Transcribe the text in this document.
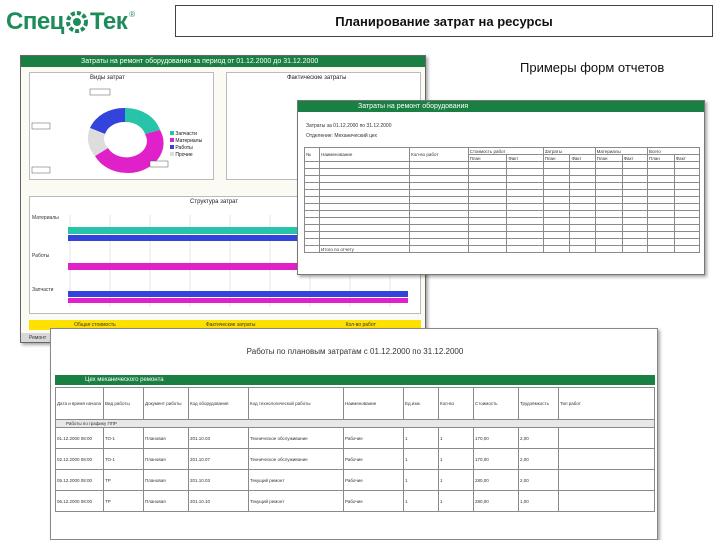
Спец Тек ®	Планирование затрат на ресурсы
Примеры форм отчетов
Затраты на ремонт оборудования за период от 01.12.2000 до 31.12.2000
Виды затрат
Запчасти
Материалы
Работы
Прочие
Фактические затраты
Структура затрат
Материалы
Работы
Запчасти
Общая стоимость	Фактические затраты	Кол-во работ
Ремонт
Затраты на ремонт оборудования
Затраты за 01.12.2000 по 31.12.2000
Отделение: Механический цех
№	Наименование	Кол-во работ	Стоимость работ		Затраты		Материалы		Всего	
			План	Факт	План	Факт	План	Факт	План	Факт

	Итого по отчету									
Работы по плановым затратам с 01.12.2000 по 31.12.2000
Цех механического ремонта
Дата и время начала	Вид работы	Документ работы	Код оборудования	Код технологической работы	Наименование	Ед.изм.	Кол-во	Стоимость	Трудоёмкость	Тип работ
Работы по графику ППР										
01.12.2000 08:00	ТО-1	Плановая	201.10.03	Техническое обслуживание	Рабочие	1	1	170,00	2,00	
02.12.2000 08:00	ТО-1	Плановая	201.10.07	Техническое обслуживание	Рабочие	1	1	170,00	2,00	
05.12.2000 08:00	ТР	Плановая	201.10.03	Текущий ремонт	Рабочие	1	1	280,00	2,00	
06.12.2000 08:00	ТР	Плановая	201.10.10	Текущий ремонт	Рабочие	1	1	280,00	1,00	
